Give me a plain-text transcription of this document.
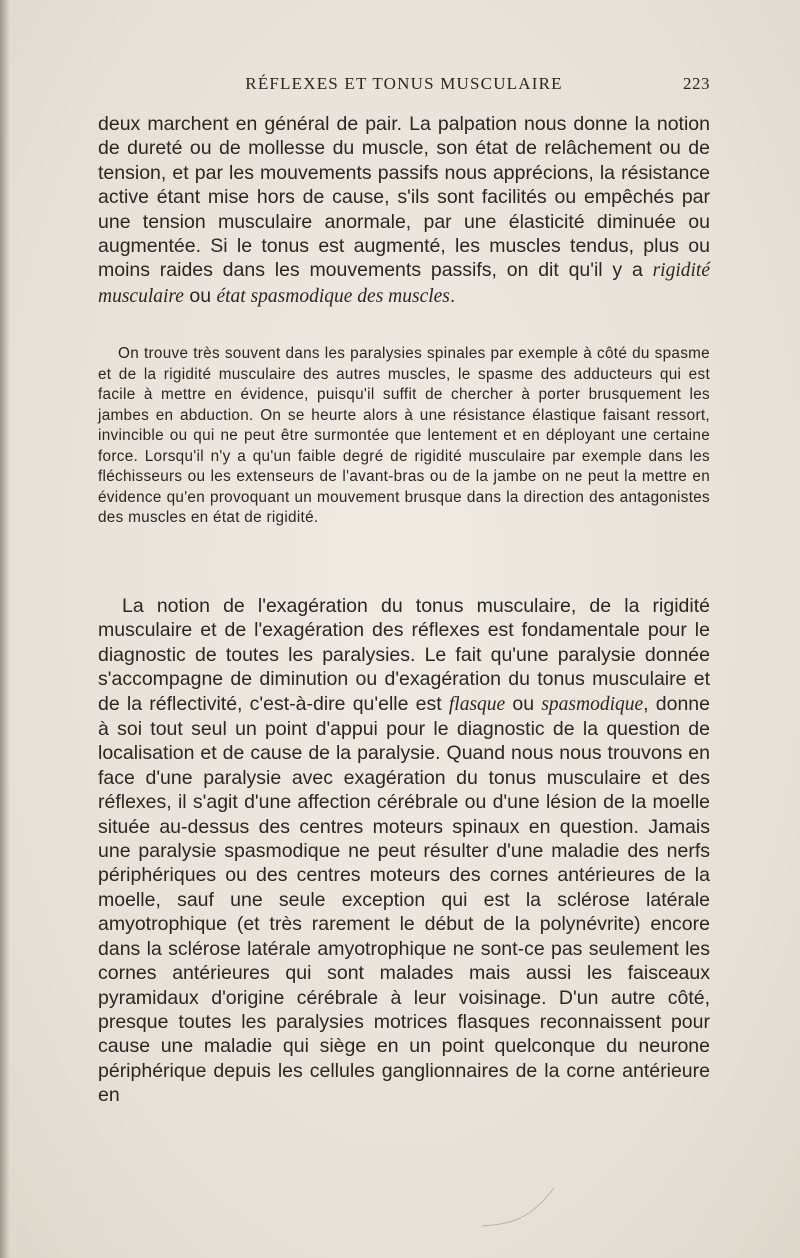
RÉFLEXES ET TONUS MUSCULAIRE	223

deux marchent en général de pair. La palpation nous donne la notion de dureté ou de mollesse du muscle, son état de relâchement ou de tension, et par les mouvements passifs nous apprécions, la résistance active étant mise hors de cause, s'ils sont facilités ou empêchés par une tension musculaire anormale, par une élasticité diminuée ou augmentée. Si le tonus est augmenté, les muscles tendus, plus ou moins raides dans les mouvements passifs, on dit qu'il y a rigidité musculaire ou état spasmodique des muscles.

On trouve très souvent dans les paralysies spinales par exemple à côté du spasme et de la rigidité musculaire des autres muscles, le spasme des adducteurs qui est facile à mettre en évidence, puisqu'il suffit de chercher à porter brusquement les jambes en abduction. On se heurte alors à une résistance élastique faisant ressort, invincible ou qui ne peut être surmontée que lentement et en déployant une certaine force. Lorsqu'il n'y a qu'un faible degré de rigidité musculaire par exemple dans les fléchisseurs ou les extenseurs de l'avant-bras ou de la jambe on ne peut la mettre en évidence qu'en provoquant un mouvement brusque dans la direction des antagonistes des muscles en état de rigidité.

La notion de l'exagération du tonus musculaire, de la rigidité musculaire et de l'exagération des réflexes est fondamentale pour le diagnostic de toutes les paralysies. Le fait qu'une paralysie donnée s'accompagne de diminution ou d'exagération du tonus musculaire et de la réflectivité, c'est-à-dire qu'elle est flasque ou spasmodique, donne à soi tout seul un point d'appui pour le diagnostic de la question de localisation et de cause de la paralysie. Quand nous nous trouvons en face d'une paralysie avec exagération du tonus musculaire et des réflexes, il s'agit d'une affection cérébrale ou d'une lésion de la moelle située au-dessus des centres moteurs spinaux en question. Jamais une paralysie spasmodique ne peut résulter d'une maladie des nerfs périphériques ou des centres moteurs des cornes antérieures de la moelle, sauf une seule exception qui est la sclérose latérale amyotrophique (et très rarement le début de la polynévrite) encore dans la sclérose latérale amyotrophique ne sont-ce pas seulement les cornes antérieures qui sont malades mais aussi les faisceaux pyramidaux d'origine cérébrale à leur voisinage. D'un autre côté, presque toutes les paralysies motrices flasques reconnaissent pour cause une maladie qui siège en un point quelconque du neurone périphérique depuis les cellules ganglionnaires de la corne antérieure en
